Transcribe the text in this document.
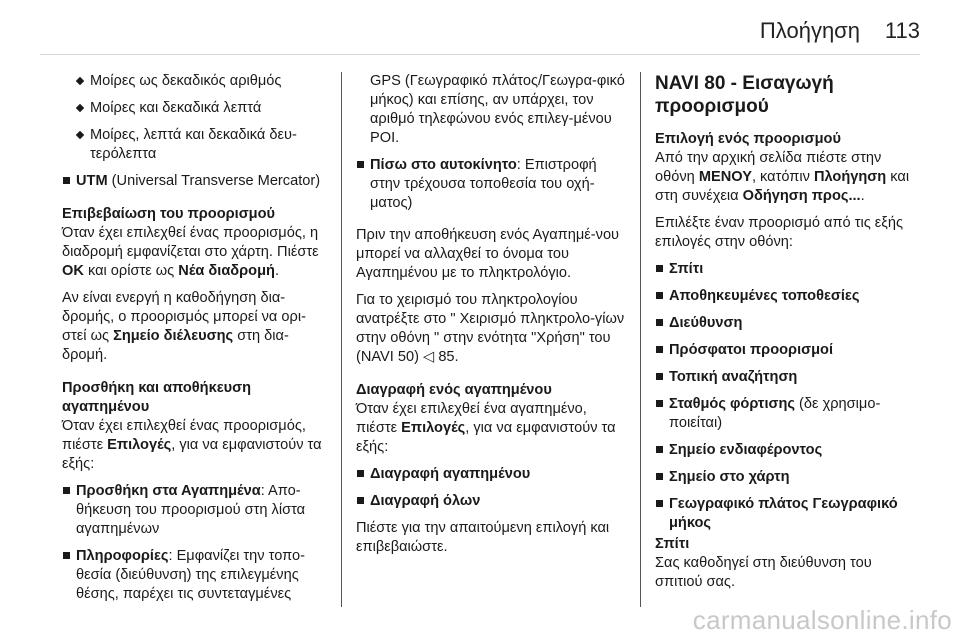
Πλοήγηση 113
Μοίρες ως δεκαδικός αριθμός
Μοίρες και δεκαδικά λεπτά
Μοίρες, λεπτά και δεκαδικά δευ-τερόλεπτα
UTM (Universal Transverse Mercator)
Επιβεβαίωση του προορισμού
Όταν έχει επιλεχθεί ένας προορισμός, η διαδρομή εμφανίζεται στο χάρτη. Πιέστε OK και ορίστε ως Νέα διαδρομή.
Αν είναι ενεργή η καθοδήγηση δια-δρομής, ο προορισμός μπορεί να ορι-στεί ως Σημείο διέλευσης στη δια-δρομή.
Προσθήκη και αποθήκευση αγαπημένου
Όταν έχει επιλεχθεί ένας προορισμός, πιέστε Επιλογές, για να εμφανιστούν τα εξής:
Προσθήκη στα Αγαπημένα: Απο-θήκευση του προορισμού στη λίστα αγαπημένων
Πληροφορίες: Εμφανίζει την τοπο-θεσία (διεύθυνση) της επιλεγμένης θέσης, παρέχει τις συντεταγμένες
GPS (Γεωγραφικό πλάτος/Γεωγρα-φικό μήκος) και επίσης, αν υπάρχει, τον αριθμό τηλεφώνου ενός επιλεγ-μένου POI.
Πίσω στο αυτοκίνητο: Επιστροφή στην τρέχουσα τοποθεσία του οχή-ματος)
Πριν την αποθήκευση ενός Αγαπημέ-νου μπορεί να αλλαχθεί το όνομα του Αγαπημένου με το πληκτρολόγιο.
Για το χειρισμό του πληκτρολογίου ανατρέξτε στο " Χειρισμό πληκτρολο-γίων στην οθόνη " στην ενότητα "Χρήση" του (NAVI 50) ◁ 85.
Διαγραφή ενός αγαπημένου
Όταν έχει επιλεχθεί ένα αγαπημένο, πιέστε Επιλογές, για να εμφανιστούν τα εξής:
Διαγραφή αγαπημένου
Διαγραφή όλων
Πιέστε για την απαιτούμενη επιλογή και επιβεβαιώστε.
NAVI 80 - Εισαγωγή προορισμού
Επιλογή ενός προορισμού
Από την αρχική σελίδα πιέστε στην οθόνη ΜΕΝΟΥ, κατόπιν Πλοήγηση και στη συνέχεια Οδήγηση προς....
Επιλέξτε έναν προορισμό από τις εξής επιλογές στην οθόνη:
Σπίτι
Αποθηκευμένες τοποθεσίες
Διεύθυνση
Πρόσφατοι προορισμοί
Τοπική αναζήτηση
Σταθμός φόρτισης (δε χρησιμο-ποιείται)
Σημείο ενδιαφέροντος
Σημείο στο χάρτη
Γεωγραφικό πλάτος Γεωγραφικό μήκος
Σπίτι
Σας καθοδηγεί στη διεύθυνση του σπιτιού σας.
carmanualsonline.info
